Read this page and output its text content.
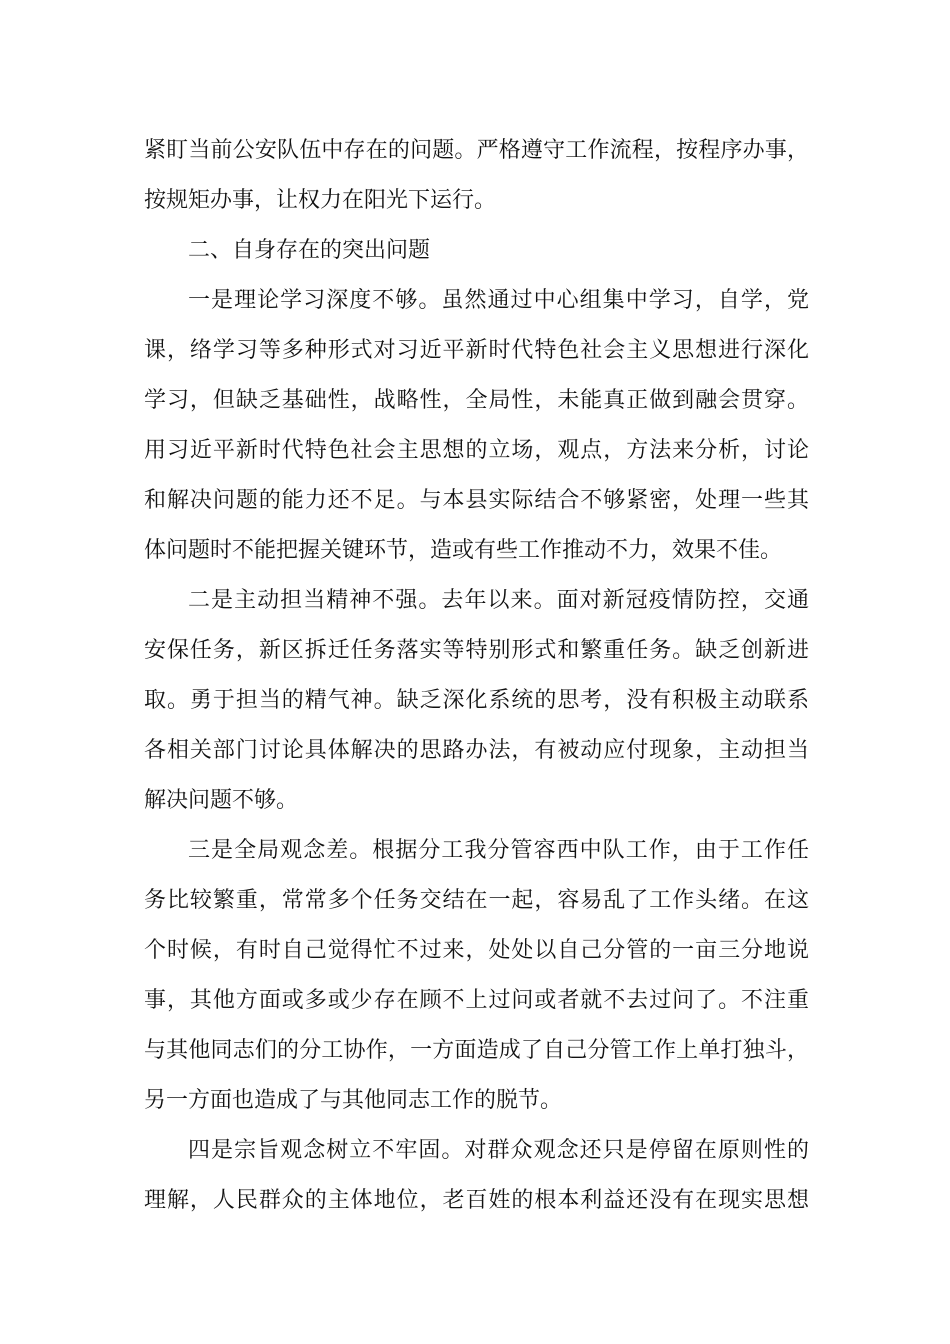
紧盯当前公安队伍中存在的问题。严格遵守工作流程，按程序办事，
按规矩办事，让权力在阳光下运行。
二、自身存在的突出问题
一是理论学习深度不够。虽然通过中心组集中学习，自学，党
课，络学习等多种形式对习近平新时代特色社会主义思想进行深化
学习，但缺乏基础性，战略性，全局性，未能真正做到融会贯穿。
用习近平新时代特色社会主思想的立场，观点，方法来分析，讨论
和解决问题的能力还不足。与本县实际结合不够紧密，处理一些其
体问题时不能把握关键环节，造或有些工作推动不力，效果不佳。
二是主动担当精神不强。去年以来。面对新冠疫情防控，交通
安保任务，新区拆迁任务落实等特别形式和繁重任务。缺乏创新进
取。勇于担当的精气神。缺乏深化系统的思考，没有积极主动联系
各相关部门讨论具体解决的思路办法，有被动应付现象，主动担当
解决问题不够。
三是全局观念差。根据分工我分管容西中队工作，由于工作任
务比较繁重，常常多个任务交结在一起，容易乱了工作头绪。在这
个时候，有时自己觉得忙不过来，处处以自己分管的一亩三分地说
事，其他方面或多或少存在顾不上过问或者就不去过问了。不注重
与其他同志们的分工协作，一方面造成了自己分管工作上单打独斗，
另一方面也造成了与其他同志工作的脱节。
四是宗旨观念树立不牢固。对群众观念还只是停留在原则性的
理解，人民群众的主体地位，老百姓的根本利益还没有在现实思想
